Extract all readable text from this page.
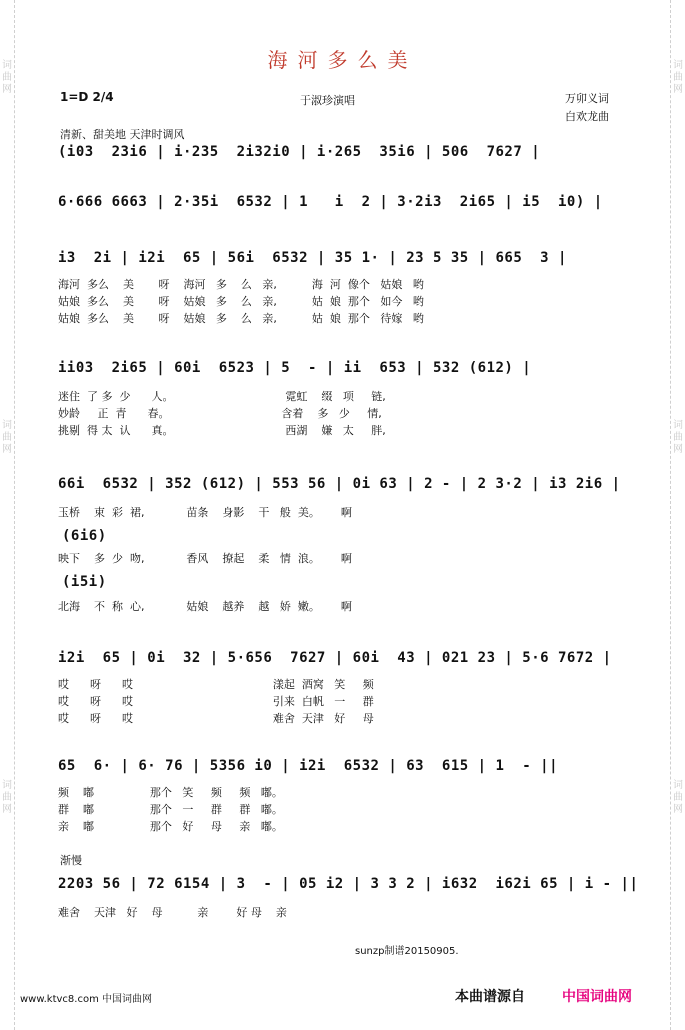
词曲网
词曲网
词曲网
词曲网
词曲网
词曲网
海河多么美
1=D 2/4	于淑珍演唱	万卯义词
白欢龙曲
清新、甜美地 天津时调风
(i03  23i6 | i·235  2i32i0 | i·265  35i6 | 506  7627 |
6·666 6663 | 2·35i  6532 | 1   i  2 | 3·2i3  2i65 | i5  i0) |
i3  2i | i2i  65 | 56i  6532 | 35 1· | 23 5 35 | 665  3 |
ii03  2i65 | 60i  6523 | 5  - | ii  653 | 532 (612) |
66i  6532 | 352 (612) | 553 56 | 0i 63 | 2 - | 2 3·2 | i3 2i6 |
(6i6)
(i5i)
i2i  65 | 0i  32 | 5·656  7627 | 60i  43 | 021 23 | 5·6 7672 |
65  6· | 6· 76 | 5356 i0 | i2i  6532 | 63  615 | 1  - ||
2203 56 | 72 6154 | 3  - | 05 i2 | 3 3 2 | i632  i62i 65 | i - ||
海河  多么    美       呀    海河   多    么   亲,          海  河  像个   姑娘   哟
姑娘  多么    美       呀    姑娘   多    么   亲,          姑  娘  那个   如今   哟
姑娘  多么    美       呀    姑娘   多    么   亲,          姑  娘  那个   待嫁   哟
迷住  了 多  少      人。                                霓虹    缀   项     链,
妙龄     正  青      春。                                含着    多   少     情,
挑剔  得 太  认      真。                                西湖    嫌   太     胖,
玉桥    束  彩  裙,            苗条    身影    干   般  美。      啊
映下    多  少  吻,            香风    撩起    柔   情  浪。      啊
北海    不  称  心,            姑娘    越养    越   娇  嫩。      啊
哎      呀      哎                                        漾起  酒窝   笑     频
哎      呀      哎                                        引来  白帆   一     群
哎      呀      哎                                        难舍  天津   好     母
频    嘟                那个   笑     频     频   嘟。
群    嘟                那个   一     群     群   嘟。
亲    嘟                那个   好     母     亲   嘟。
渐慢
难舍    天津   好    母          亲        好 母    亲
sunzp制谱20150905.
www.ktvc8.com 中国词曲网	本曲谱源自	中国词曲网
